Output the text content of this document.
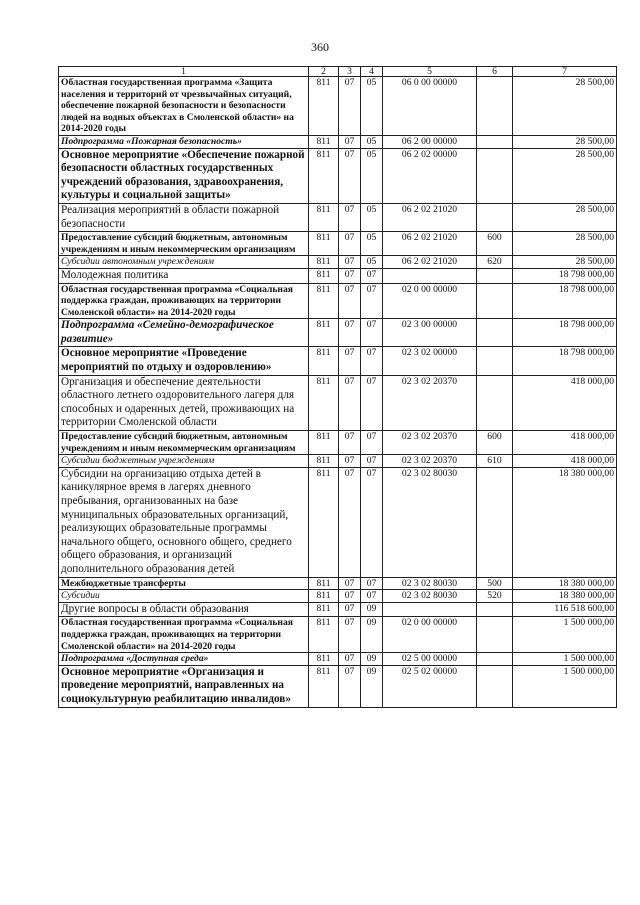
360
1	2	3	4	5	6	7
Областная государственная программа «Защита населения и территорий от чрезвычайных ситуаций, обеспечение пожарной безопасности и безопасности людей на водных объектах в Смоленской области» на 2014-2020 годы	811	07	05	06 0 00 00000		28 500,00
Подпрограмма «Пожарная безопасность»	811	07	05	06 2 00 00000		28 500,00
Основное мероприятие «Обеспечение пожарной безопасности областных государственных учреждений образования, здравоохранения, культуры и социальной защиты»	811	07	05	06 2 02 00000		28 500,00
Реализация мероприятий в области пожарной безопасности	811	07	05	06 2 02 21020		28 500,00
Предоставление субсидий бюджетным, автономным учреждениям и иным некоммерческим организациям	811	07	05	06 2 02 21020	600	28 500,00
Субсидии автономным учреждениям	811	07	05	06 2 02 21020	620	28 500,00
Молодежная политика	811	07	07			18 798 000,00
Областная государственная программа «Социальная поддержка граждан, проживающих на территории Смоленской области» на 2014-2020 годы	811	07	07	02 0 00 00000		18 798 000,00
Подпрограмма «Семейно-демографическое развитие»	811	07	07	02 3 00 00000		18 798 000,00
Основное мероприятие «Проведение мероприятий по отдыху и оздоровлению»	811	07	07	02 3 02 00000		18 798 000,00
Организация и обеспечение деятельности областного летнего оздоровительного лагеря для способных и одаренных детей, проживающих на территории Смоленской области	811	07	07	02 3 02 20370		418 000,00
Предоставление субсидий бюджетным, автономным учреждениям и иным некоммерческим организациям	811	07	07	02 3 02 20370	600	418 000,00
Субсидии бюджетным учреждениям	811	07	07	02 3 02 20370	610	418 000,00
Субсидии на организацию отдыха детей в каникулярное время в лагерях дневного пребывания, организованных на базе муниципальных образовательных организаций, реализующих образовательные программы начального общего, основного общего, среднего общего образования, и организаций дополнительного образования детей	811	07	07	02 3 02 80030		18 380 000,00
Межбюджетные трансферты	811	07	07	02 3 02 80030	500	18 380 000,00
Субсидии	811	07	07	02 3 02 80030	520	18 380 000,00
Другие вопросы в области образования	811	07	09			116 518 600,00
Областная государственная программа «Социальная поддержка граждан, проживающих на территории Смоленской области» на 2014-2020 годы	811	07	09	02 0 00 00000		1 500 000,00
Подпрограмма «Доступная среда»	811	07	09	02 5 00 00000		1 500 000,00
Основное мероприятие «Организация и проведение мероприятий, направленных на социокультурную реабилитацию инвалидов»	811	07	09	02 5 02 00000		1 500 000,00
